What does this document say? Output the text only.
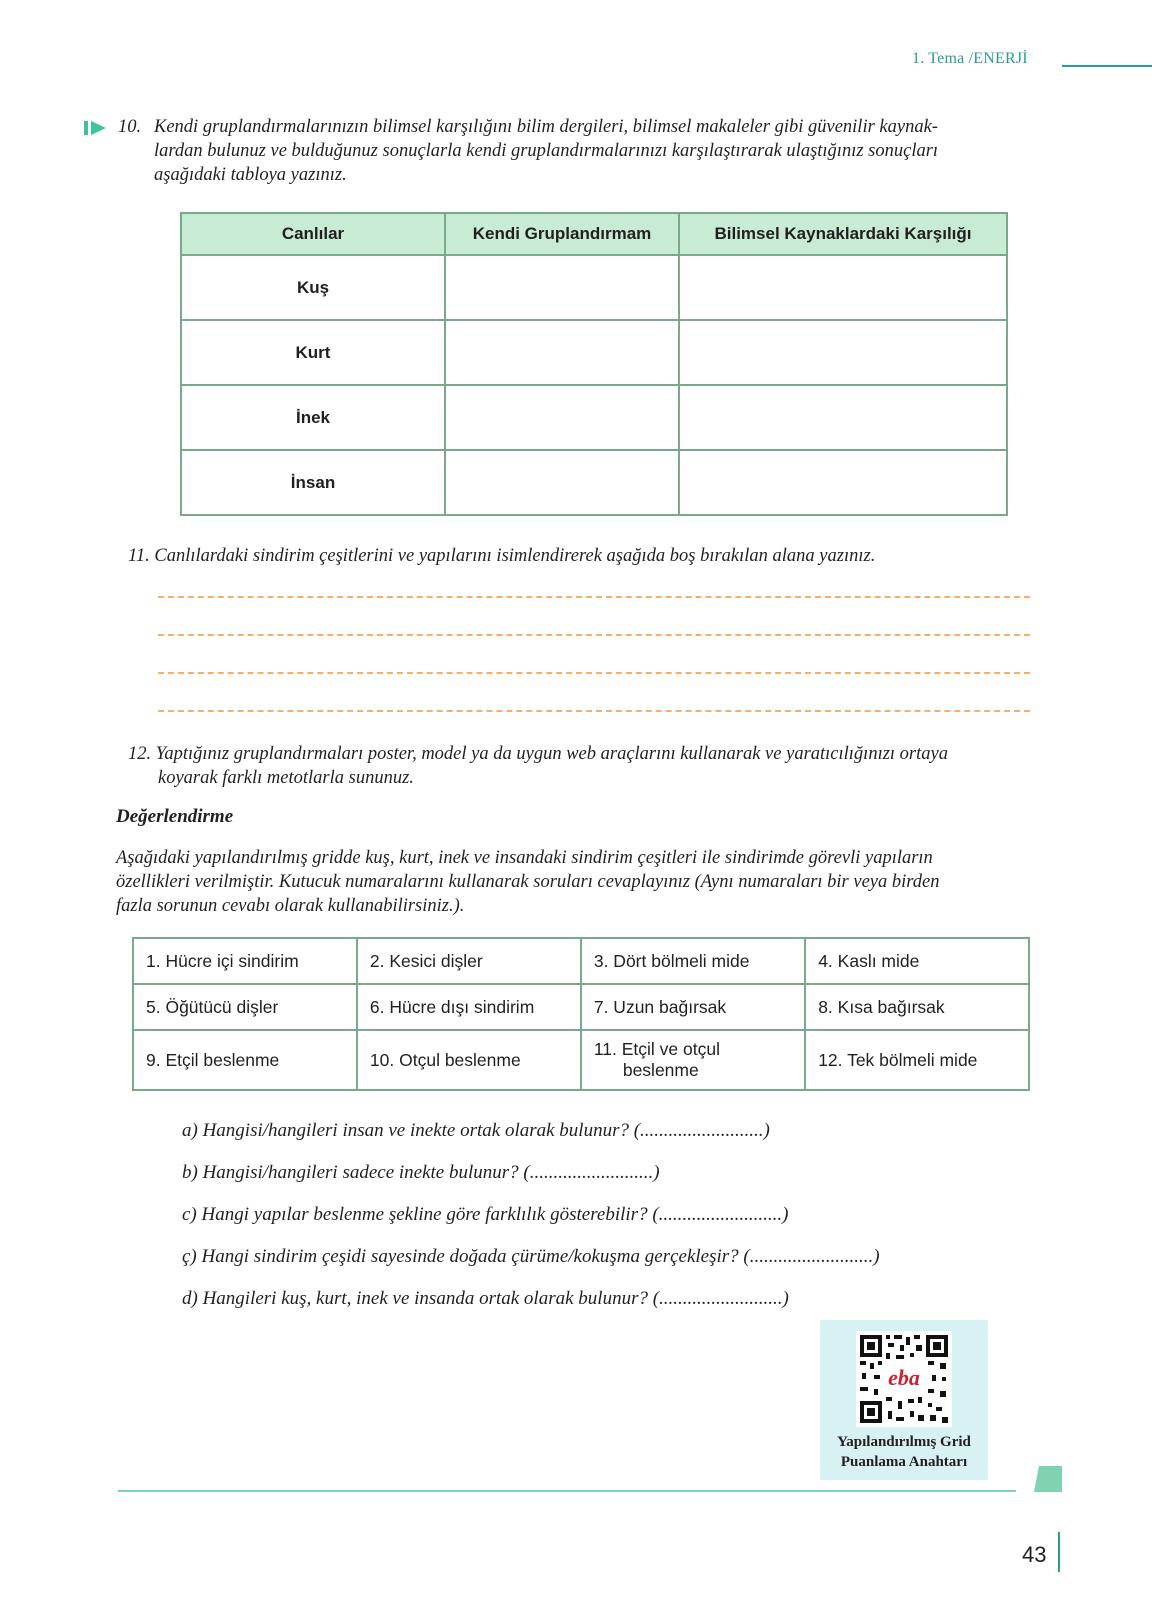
1. Tema /ENERJİ
10. Kendi gruplandırmalarınızın bilimsel karşılığını bilim dergileri, bilimsel makaleler gibi güvenilir kaynak-
lardan bulunuz ve bulduğunuz sonuçlarla kendi gruplandırmalarınızı karşılaştırarak ulaştığınız sonuçları
aşağıdaki tabloya yazınız.
Canlılar	Kendi Gruplandırmam	Bilimsel Kaynaklardaki Karşılığı
Kuş		
Kurt		
İnek		
İnsan		
11. Canlılardaki sindirim çeşitlerini ve yapılarını isimlendirerek aşağıda boş bırakılan alana yazınız.
12. Yaptığınız gruplandırmaları poster, model ya da uygun web araçlarını kullanarak ve yaratıcılığınızı ortaya
koyarak farklı metotlarla sununuz.
Değerlendirme
Aşağıdaki yapılandırılmış gridde kuş, kurt, inek ve insandaki sindirim çeşitleri ile sindirimde görevli yapıların
özellikleri verilmiştir. Kutucuk numaralarını kullanarak soruları cevaplayınız (Aynı numaraları bir veya birden
fazla sorunun cevabı olarak kullanabilirsiniz.).
1. Hücre içi sindirim	2. Kesici dişler	3. Dört bölmeli mide	4. Kaslı mide
5. Öğütücü dişler	6. Hücre dışı sindirim	7. Uzun bağırsak	8. Kısa bağırsak
9. Etçil beslenme	10. Otçul beslenme	11. Etçil ve otçul
beslenme	12. Tek bölmeli mide
a) Hangisi/hangileri insan ve inekte ortak olarak bulunur? (..........................)
b) Hangisi/hangileri sadece inekte bulunur? (..........................)
c) Hangi yapılar beslenme şekline göre farklılık gösterebilir? (..........................)
ç) Hangi sindirim çeşidi sayesinde doğada çürüme/kokuşma gerçekleşir? (..........................)
d) Hangileri kuş, kurt, inek ve insanda ortak olarak bulunur? (..........................)
eba
Yapılandırılmış Grid
Puanlama Anahtarı
43
